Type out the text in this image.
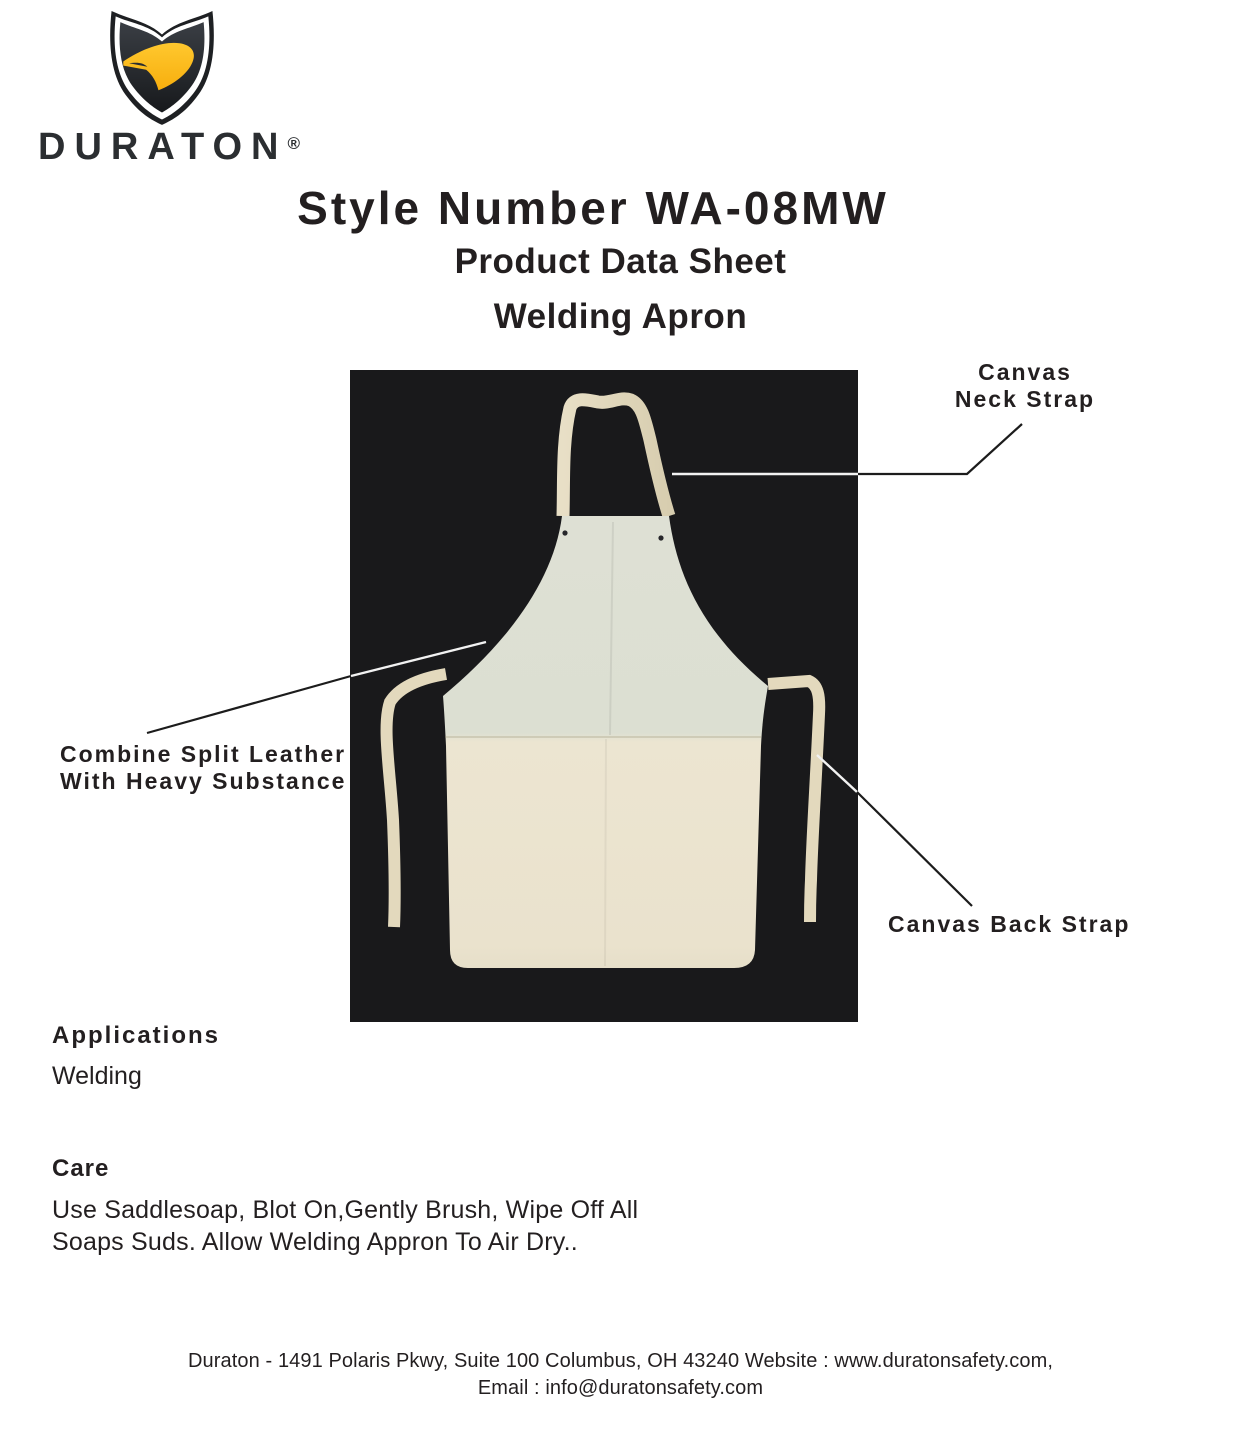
DURATON®
Style Number WA-08MW
Product Data Sheet
Welding Apron
Canvas
Neck Strap
Combine Split Leather
With Heavy Substance
Canvas Back Strap
Applications
Welding
Care
Use Saddlesoap, Blot On,Gently Brush, Wipe Off All
Soaps Suds. Allow Welding Appron To Air Dry..
Duraton - 1491 Polaris Pkwy, Suite 100 Columbus, OH 43240 Website : www.duratonsafety.com,
Email : info@duratonsafety.com
